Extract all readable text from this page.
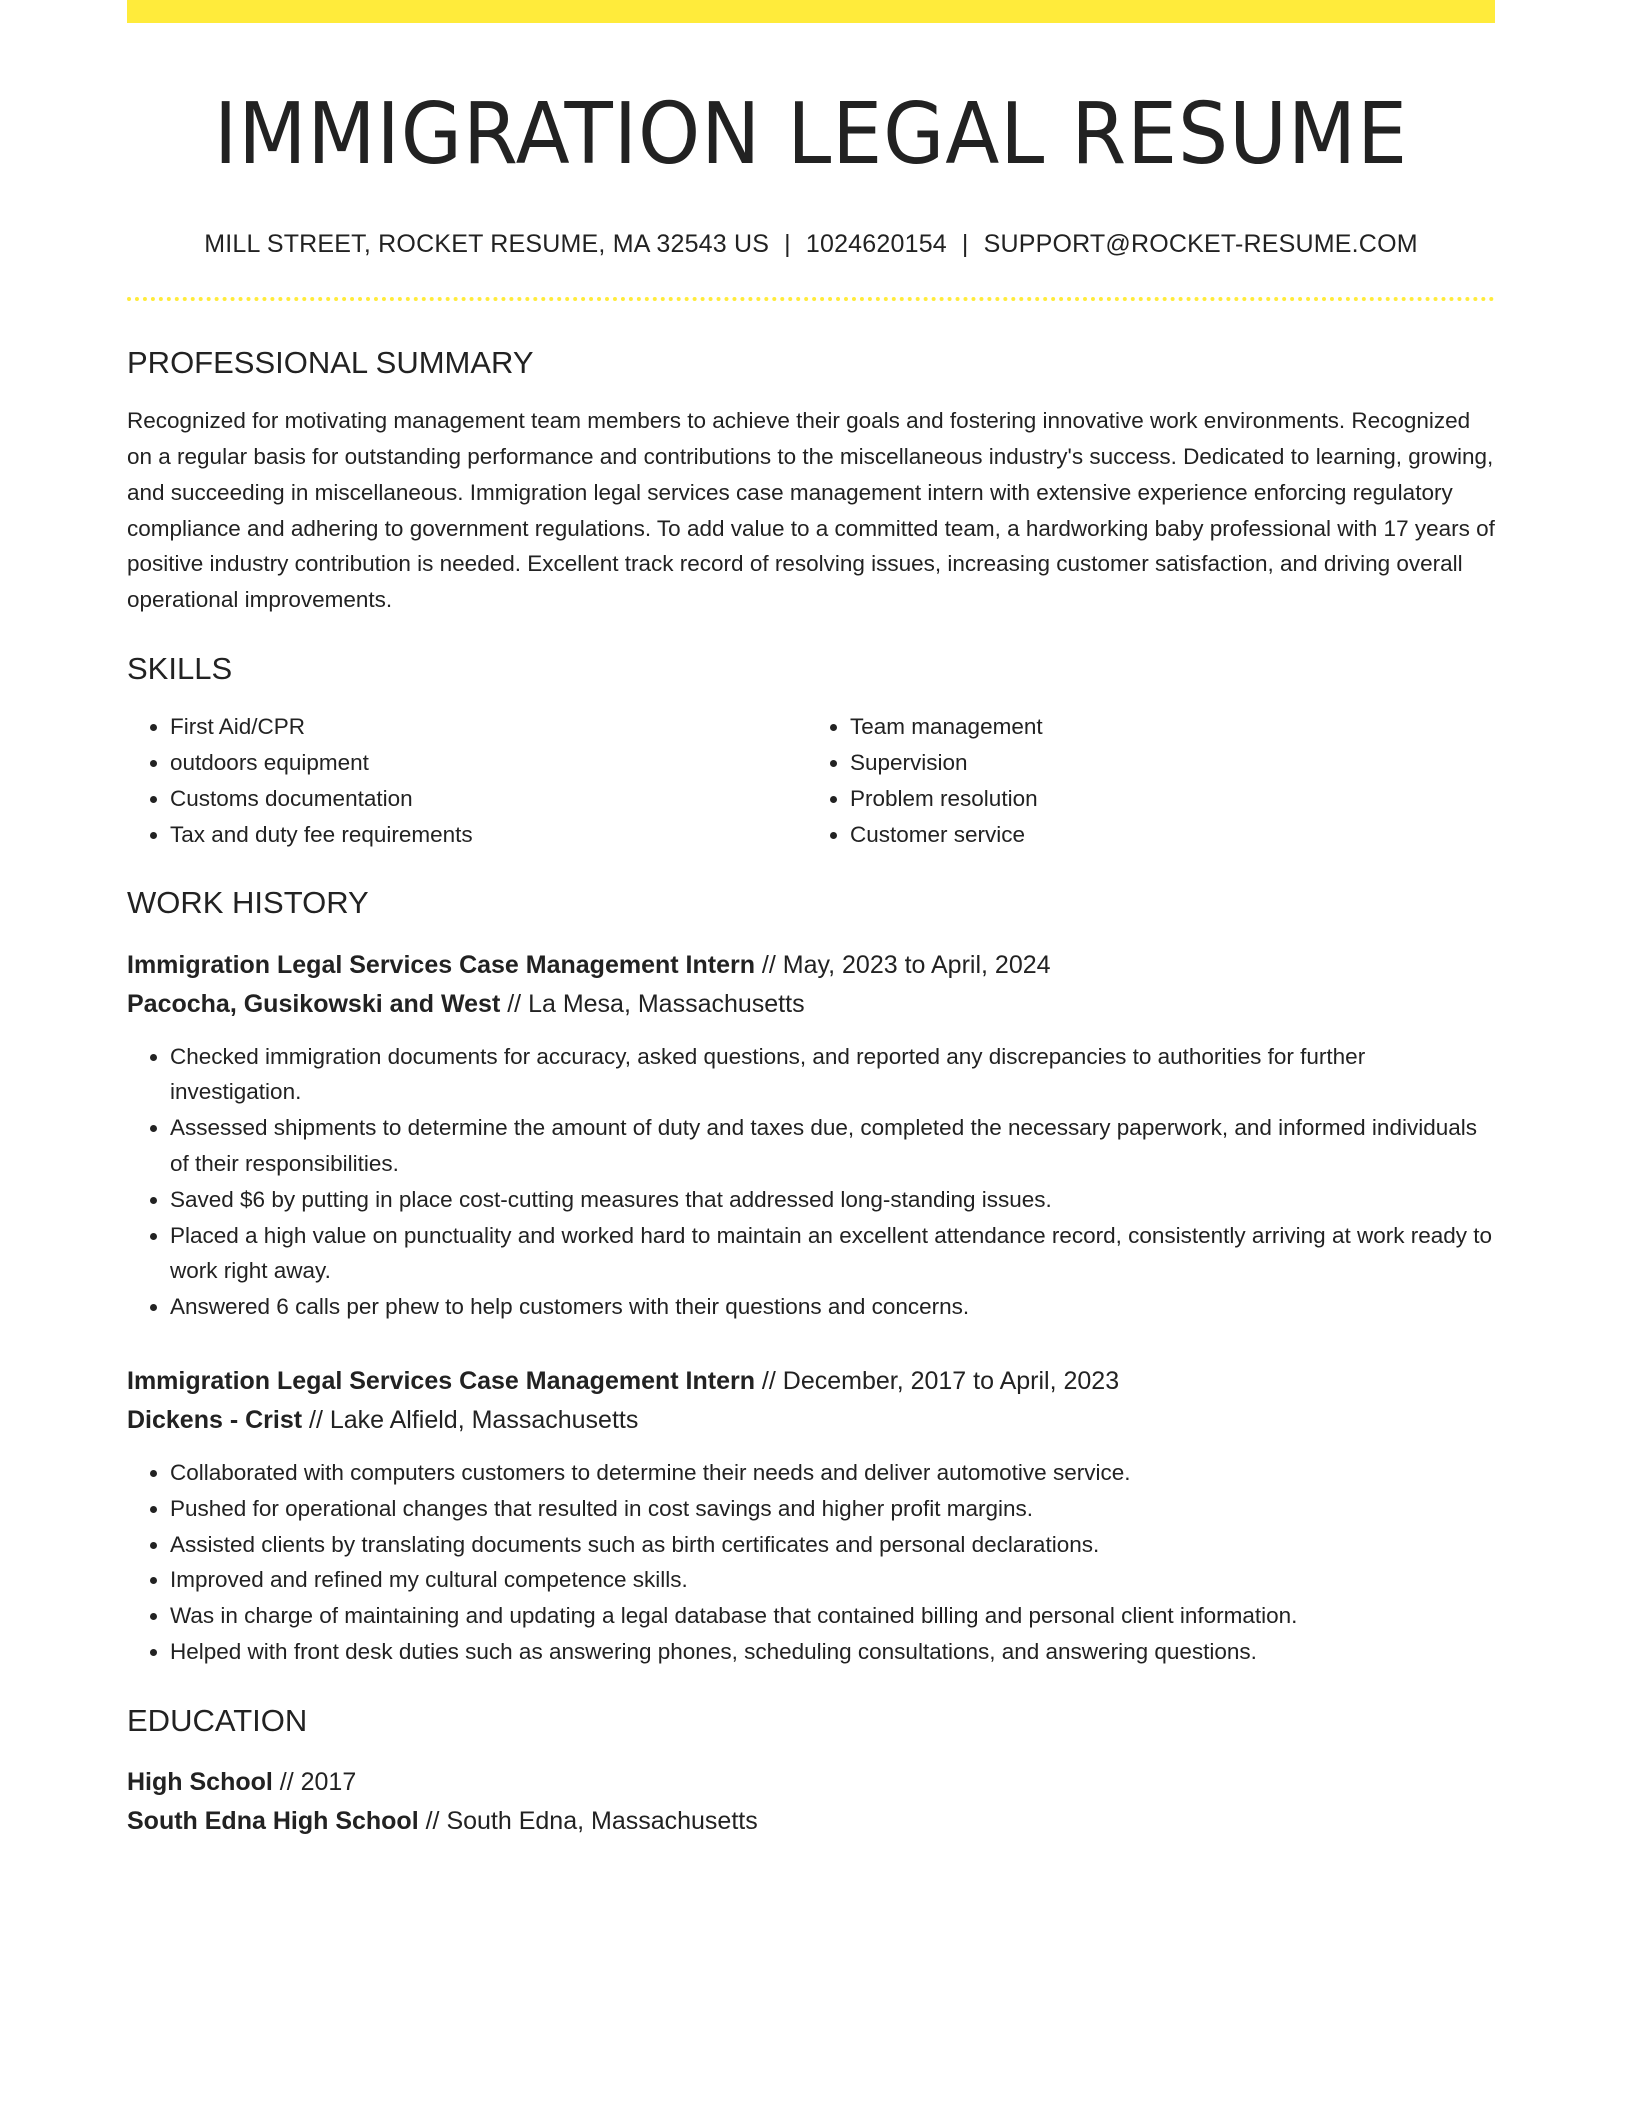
IMMIGRATION LEGAL RESUME
MILL STREET, ROCKET RESUME, MA 32543 US | 1024620154 | SUPPORT@ROCKET-RESUME.COM
PROFESSIONAL SUMMARY
Recognized for motivating management team members to achieve their goals and fostering innovative work environments. Recognized on a regular basis for outstanding performance and contributions to the miscellaneous industry's success. Dedicated to learning, growing, and succeeding in miscellaneous. Immigration legal services case management intern with extensive experience enforcing regulatory compliance and adhering to government regulations. To add value to a committed team, a hardworking baby professional with 17 years of positive industry contribution is needed. Excellent track record of resolving issues, increasing customer satisfaction, and driving overall operational improvements.
SKILLS
• First Aid/CPR
• outdoors equipment
• Customs documentation
• Tax and duty fee requirements
• Team management
• Supervision
• Problem resolution
• Customer service
WORK HISTORY
Immigration Legal Services Case Management Intern // May, 2023 to April, 2024
Pacocha, Gusikowski and West // La Mesa, Massachusetts
• Checked immigration documents for accuracy, asked questions, and reported any discrepancies to authorities for further investigation.
• Assessed shipments to determine the amount of duty and taxes due, completed the necessary paperwork, and informed individuals of their responsibilities.
• Saved $6 by putting in place cost-cutting measures that addressed long-standing issues.
• Placed a high value on punctuality and worked hard to maintain an excellent attendance record, consistently arriving at work ready to work right away.
• Answered 6 calls per phew to help customers with their questions and concerns.
Immigration Legal Services Case Management Intern // December, 2017 to April, 2023
Dickens - Crist // Lake Alfield, Massachusetts
• Collaborated with computers customers to determine their needs and deliver automotive service.
• Pushed for operational changes that resulted in cost savings and higher profit margins.
• Assisted clients by translating documents such as birth certificates and personal declarations.
• Improved and refined my cultural competence skills.
• Was in charge of maintaining and updating a legal database that contained billing and personal client information.
• Helped with front desk duties such as answering phones, scheduling consultations, and answering questions.
EDUCATION
High School // 2017
South Edna High School // South Edna, Massachusetts
